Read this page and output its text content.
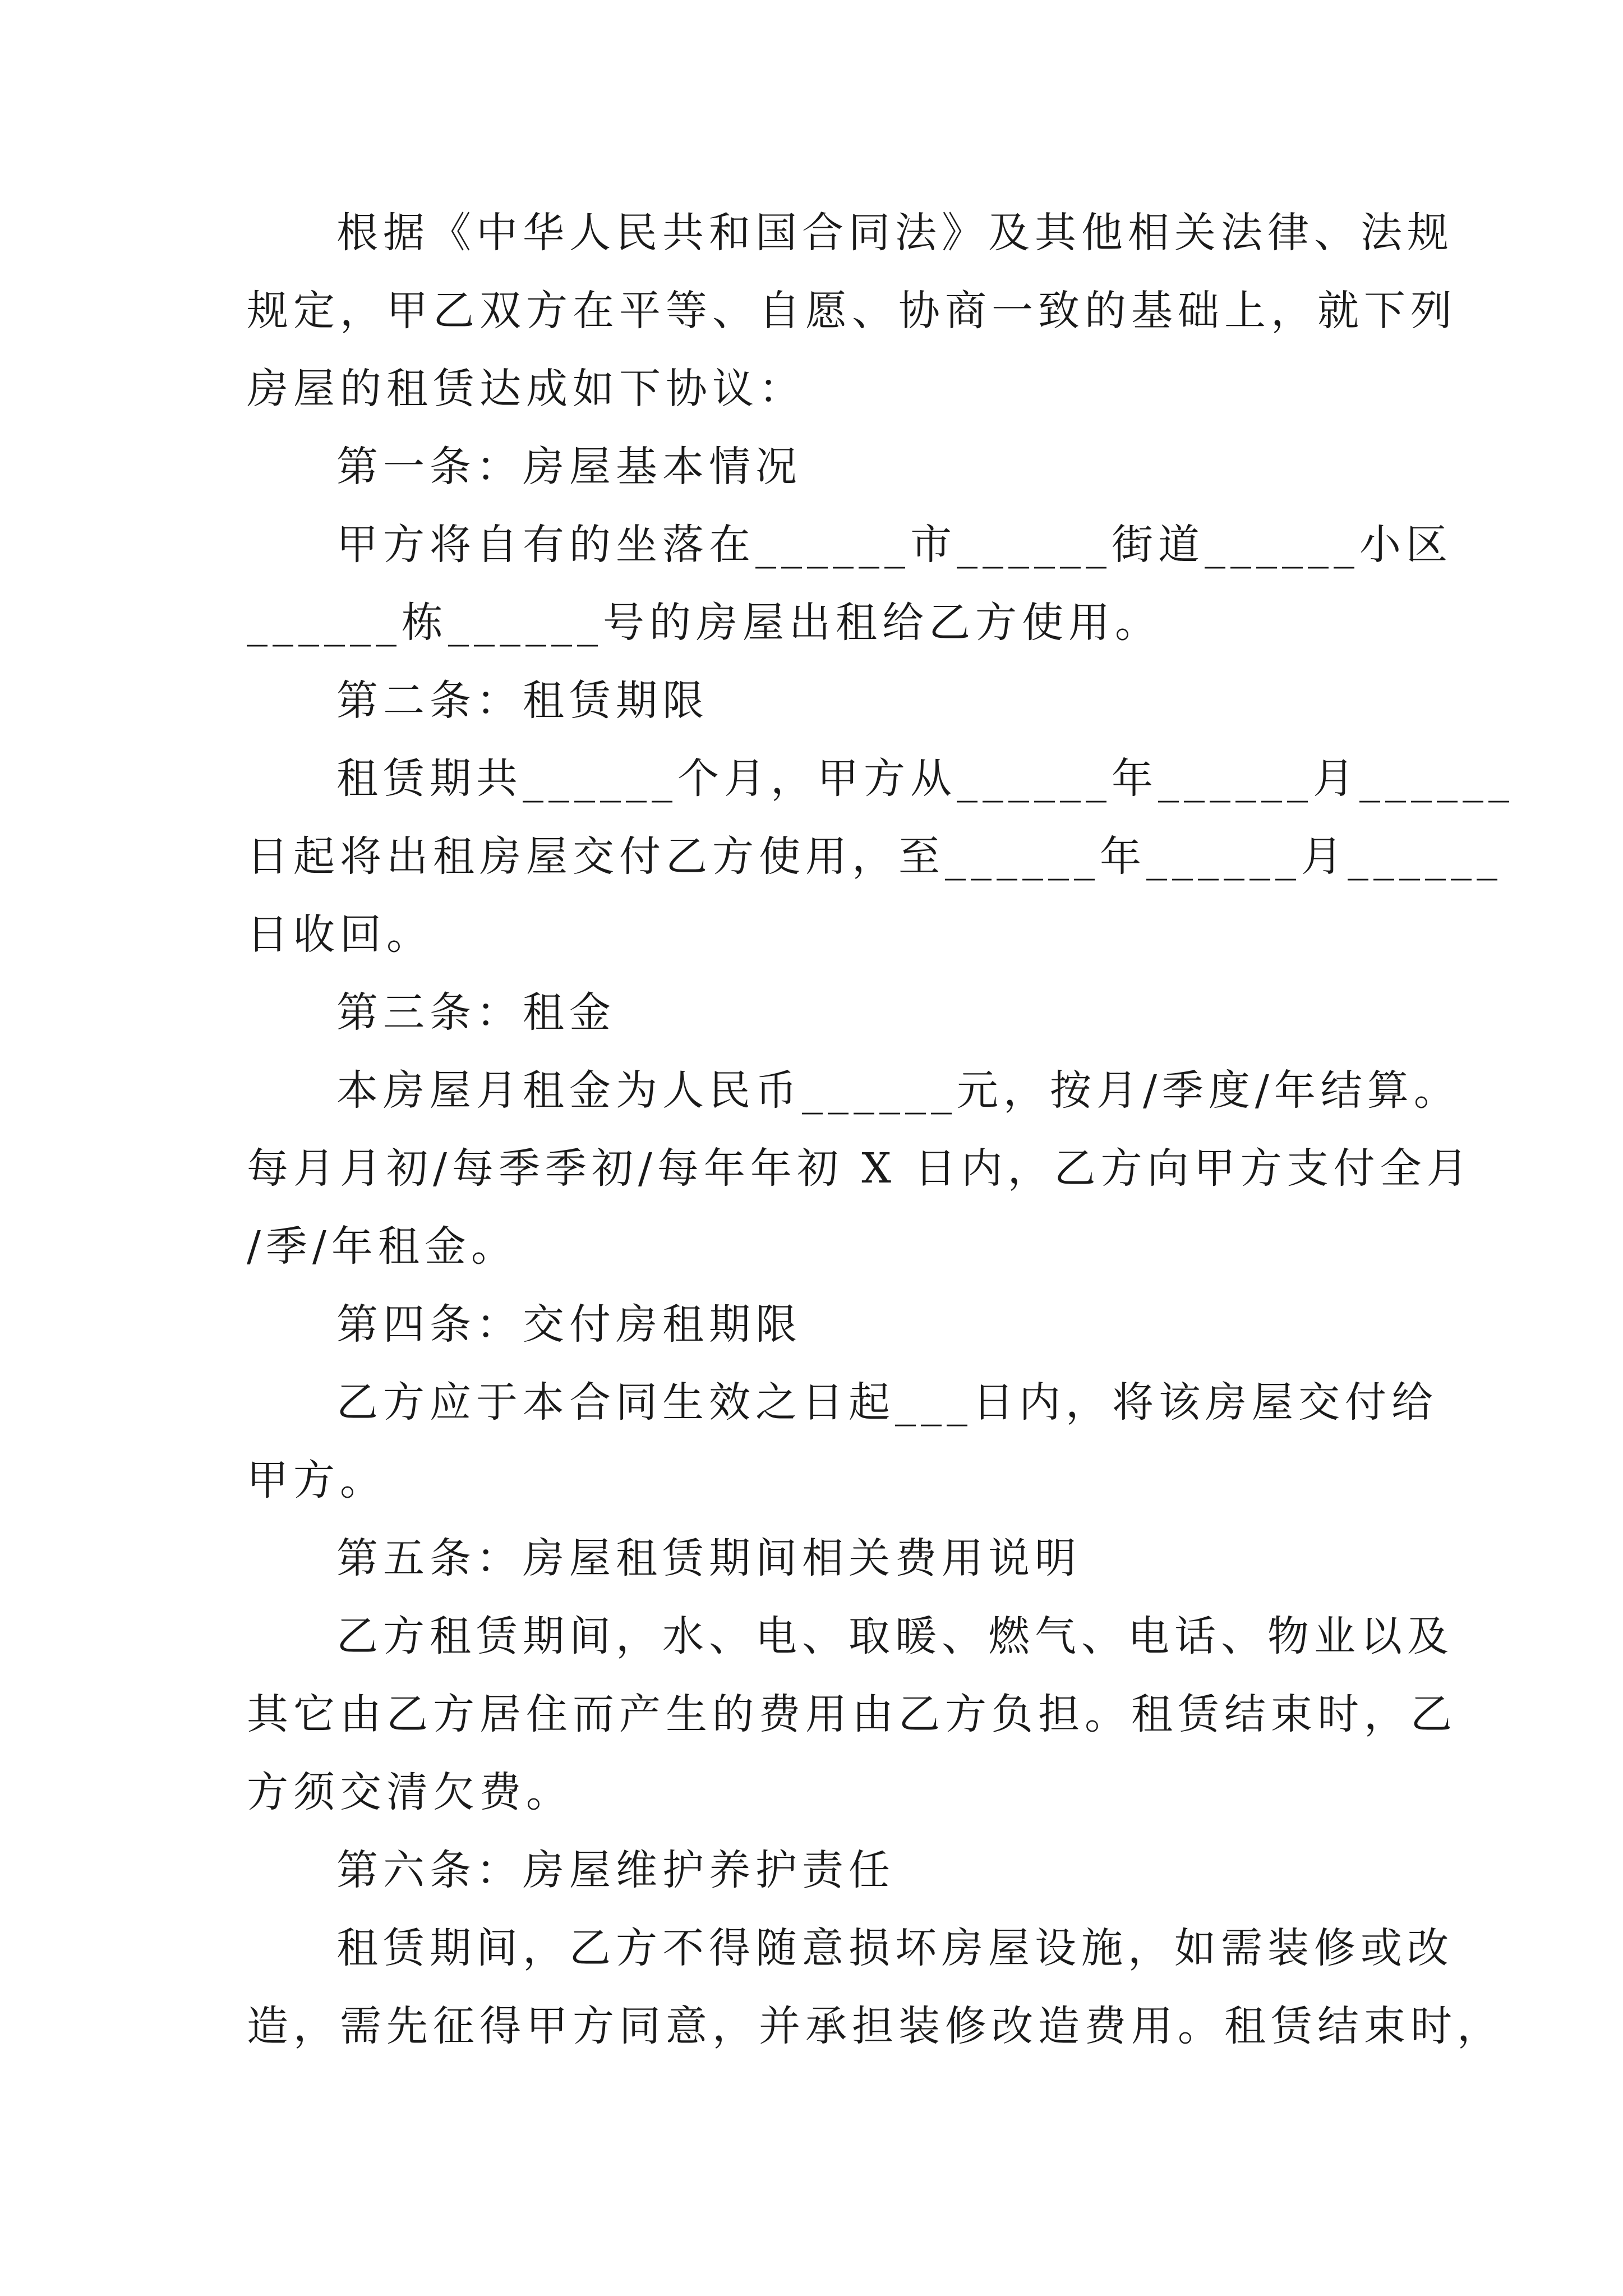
根据《中华人民共和国合同法》及其他相关法律、法规
规定，甲乙双方在平等、自愿、协商一致的基础上，就下列
房屋的租赁达成如下协议：
第一条：房屋基本情况
甲方将自有的坐落在______市______街道______小区
______栋______号的房屋出租给乙方使用。
第二条：租赁期限
租赁期共______个月，甲方从______年______月______
日起将出租房屋交付乙方使用，至______年______月______
日收回。
第三条：租金
本房屋月租金为人民币______元，按月/季度/年结算。
每月月初/每季季初/每年年初 X 日内，乙方向甲方支付全月
/季/年租金。
第四条：交付房租期限
乙方应于本合同生效之日起___日内，将该房屋交付给
甲方。
第五条：房屋租赁期间相关费用说明
乙方租赁期间，水、电、取暖、燃气、电话、物业以及
其它由乙方居住而产生的费用由乙方负担。租赁结束时，乙
方须交清欠费。
第六条：房屋维护养护责任
租赁期间，乙方不得随意损坏房屋设施，如需装修或改
造，需先征得甲方同意，并承担装修改造费用。租赁结束时，
